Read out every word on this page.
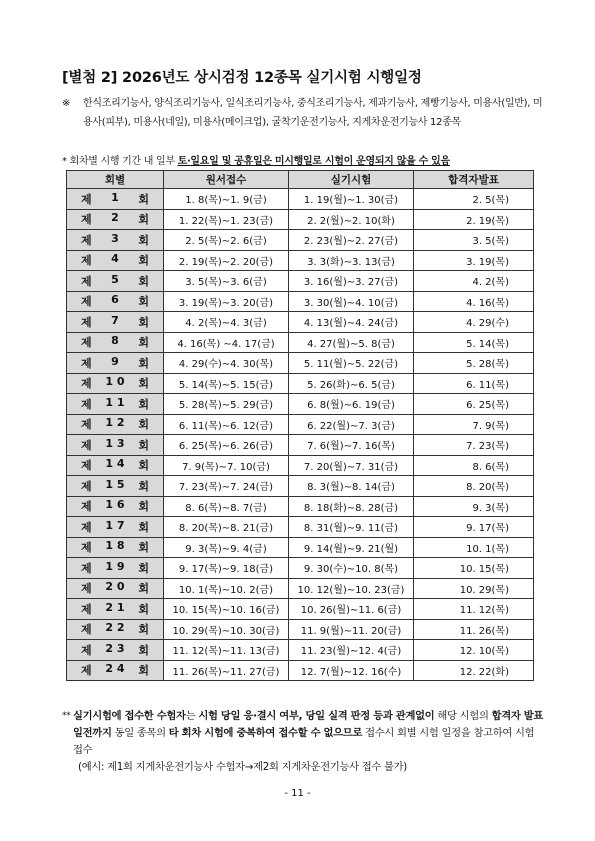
[별첨 2] 2026년도 상시검정 12종목 실기시험 시행일정
※ 한식조리기능사, 양식조리기능사, 일식조리기능사, 중식조리기능사, 제과기능사, 제빵기능사, 미용사(일반), 미용사(피부), 미용사(네일), 미용사(메이크업), 굴착기운전기능사, 지게차운전기능사 12종목
* 회차별 시행 기간 내 일부 토·일요일 및 공휴일은 미시행일로 시험이 운영되지 않을 수 있음
회별	원서접수	실기시험	합격자발표

제 1 회	1. 8(목)∼1. 9(금)	1. 19(월)∼1. 30(금)	2. 5(목)

제 2 회	1. 22(목)∼1. 23(금)	2. 2(월)∼2. 10(화)	2. 19(목)

제 3 회	2. 5(목)∼2. 6(금)	2. 23(월)∼2. 27(금)	3. 5(목)

제 4 회	2. 19(목)∼2. 20(금)	3. 3(화)∼3. 13(금)	3. 19(목)

제 5 회	3. 5(목)∼3. 6(금)	3. 16(월)∼3. 27(금)	4. 2(목)

제 6 회	3. 19(목)∼3. 20(금)	3. 30(월)∼4. 10(금)	4. 16(목)

제 7 회	4. 2(목)∼4. 3(금)	4. 13(월)∼4. 24(금)	4. 29(수)

제 8 회	4. 16(목) ∼4. 17(금)	4. 27(월)∼5. 8(금)	5. 14(목)

제 9 회	4. 29(수)∼4. 30(목)	5. 11(월)∼5. 22(금)	5. 28(목)

제 1 0 회	5. 14(목)∼5. 15(금)	5. 26(화)∼6. 5(금)	6. 11(목)

제 1 1 회	5. 28(목)∼5. 29(금)	6. 8(월)∼6. 19(금)	6. 25(목)

제 1 2 회	6. 11(목)∼6. 12(금)	6. 22(월)∼7. 3(금)	7. 9(목)

제 1 3 회	6. 25(목)∼6. 26(금)	7. 6(월)∼7. 16(목)	7. 23(목)

제 1 4 회	7. 9(목)∼7. 10(금)	7. 20(월)∼7. 31(금)	8. 6(목)

제 1 5 회	7. 23(목)∼7. 24(금)	8. 3(월)∼8. 14(금)	8. 20(목)

제 1 6 회	8. 6(목)∼8. 7(금)	8. 18(화)∼8. 28(금)	9. 3(목)

제 1 7 회	8. 20(목)∼8. 21(금)	8. 31(월)∼9. 11(금)	9. 17(목)

제 1 8 회	9. 3(목)∼9. 4(금)	9. 14(월)∼9. 21(월)	10. 1(목)

제 1 9 회	9. 17(목)∼9. 18(금)	9. 30(수)∼10. 8(목)	10. 15(목)

제 2 0 회	10. 1(목)∼10. 2(금)	10. 12(월)∼10. 23(금)	10. 29(목)

제 2 1 회	10. 15(목)∼10. 16(금)	10. 26(월)∼11. 6(금)	11. 12(목)

제 2 2 회	10. 29(목)∼10. 30(금)	11. 9(월)∼11. 20(금)	11. 26(목)

제 2 3 회	11. 12(목)∼11. 13(금)	11. 23(월)∼12. 4(금)	12. 10(목)

제 2 4 회	11. 26(목)∼11. 27(금)	12. 7(월)∼12. 16(수)	12. 22(화)
** 실기시험에 접수한 수험자는 시험 당일 응·결시 여부, 당일 실격 판정 등과 관계없이 해당 시험의 합격자 발표일전까지 동일 종목의 타 회차 시험에 중복하여 접수할 수 없으므로 접수시 회별 시험 일정을 참고하여 시험 접수
(예시: 제1회 지게차운전기능사 수험자→제2회 지게차운전기능사 접수 불가)
- 11 -
